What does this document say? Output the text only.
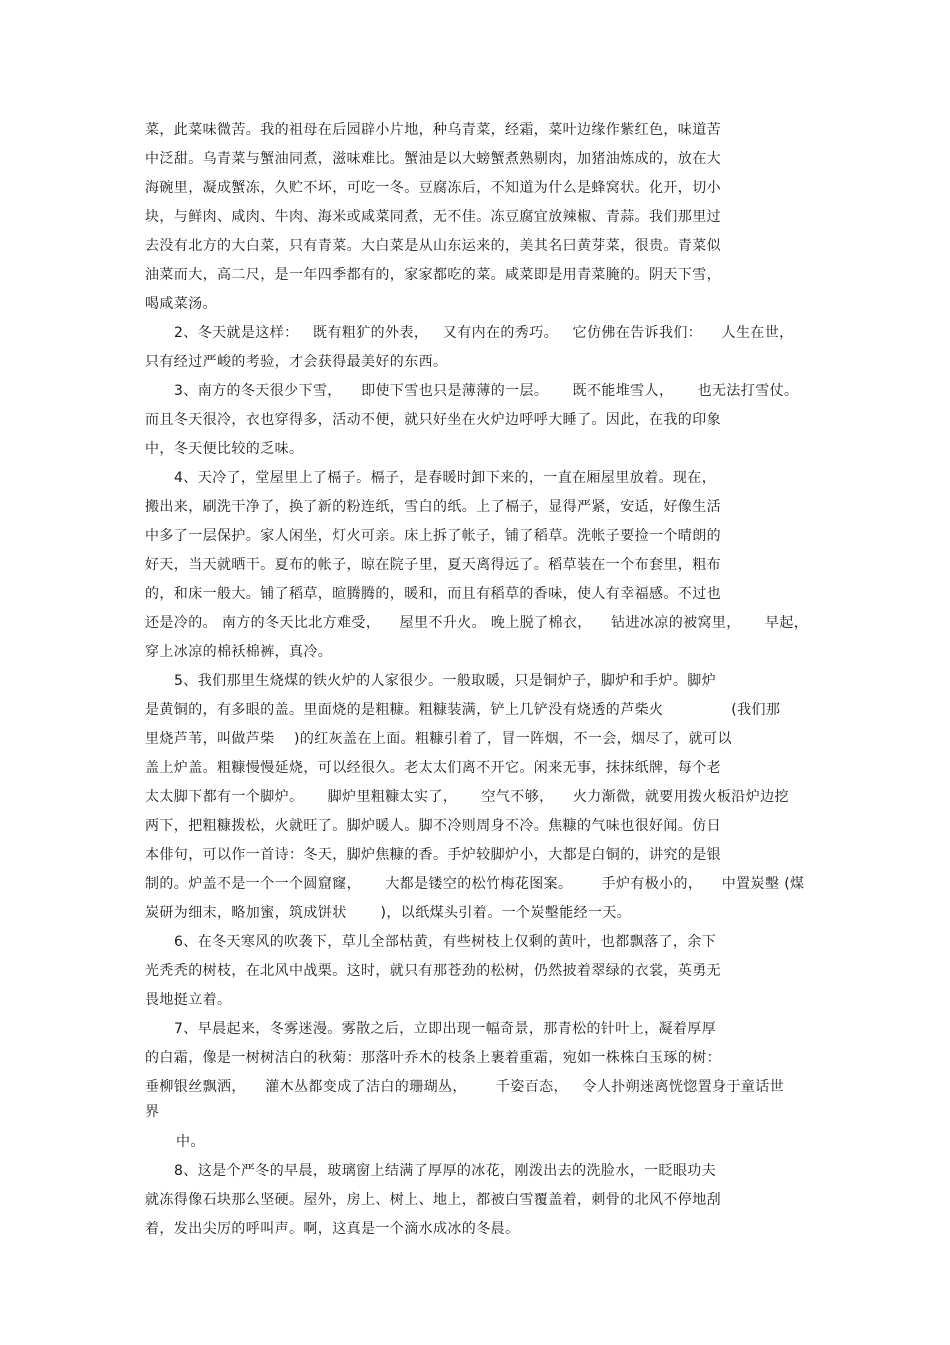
菜，此菜味微苦。我的祖母在后园辟小片地，种乌青菜，经霜，菜叶边缘作紫红色，味道苦
中泛甜。乌青菜与蟹油同煮，滋味难比。蟹油是以大螃蟹煮熟剔肉，加猪油炼成的，放在大
海碗里，凝成蟹冻，久贮不坏，可吃一冬。豆腐冻后，不知道为什么是蜂窝状。化开，切小
块，与鲜肉、咸肉、牛肉、海米或咸菜同煮，无不佳。冻豆腐宜放辣椒、青蒜。我们那里过
去没有北方的大白菜，只有青菜。大白菜是从山东运来的，美其名曰黄芽菜，很贵。青菜似
油菜而大，高二尺，是一年四季都有的，家家都吃的菜。咸菜即是用青菜腌的。阴天下雪，
喝咸菜汤。
2、冬天就是这样：   既有粗犷的外表，   又有内在的秀巧。   它仿佛在告诉我们：    人生在世，
只有经过严峻的考验，才会获得最美好的东西。
3、南方的冬天很少下雪，    即使下雪也只是薄薄的一层。     既不能堆雪人，     也无法打雪仗。
而且冬天很冷，衣也穿得多，活动不便，就只好坐在火炉边呼呼大睡了。因此，在我的印象
中，冬天便比较的乏味。
4、天冷了，堂屋里上了槅子。槅子，是春暖时卸下来的，一直在厢屋里放着。现在，
搬出来，刷洗干净了，换了新的粉连纸，雪白的纸。上了槅子，显得严紧，安适，好像生活
中多了一层保护。家人闲坐，灯火可亲。床上拆了帐子，铺了稻草。洗帐子要捡一个晴朗的
好天，当天就晒干。夏布的帐子，晾在院子里，夏天离得远了。稻草装在一个布套里，粗布
的，和床一般大。铺了稻草，暄腾腾的，暖和，而且有稻草的香味，使人有幸福感。不过也
还是冷的。 南方的冬天比北方难受，    屋里不升火。 晚上脱了棉衣，    钻进冰凉的被窝里，     早起，
穿上冰凉的棉袄棉裤，真冷。
5、我们那里生烧煤的铁火炉的人家很少。一般取暖，只是铜炉子，脚炉和手炉。脚炉
是黄铜的，有多眼的盖。里面烧的是粗糠。粗糠装满，铲上几铲没有烧透的芦柴火              (我们那
里烧芦苇，叫做芦柴    )的红灰盖在上面。粗糠引着了，冒一阵烟，不一会，烟尽了，就可以
盖上炉盖。粗糠慢慢延烧，可以经很久。老太太们离不开它。闲来无事，抹抹纸牌，每个老
太太脚下都有一个脚炉。     脚炉里粗糠太实了，     空气不够，    火力渐微，就要用拨火板沿炉边挖
两下，把粗糠拨松，火就旺了。脚炉暖人。脚不冷则周身不冷。焦糠的气味也很好闻。仿日
本俳句，可以作一首诗：冬天，脚炉焦糠的香。手炉较脚炉小，大都是白铜的，讲究的是银
制的。炉盖不是一个一个圆窟窿，     大都是镂空的松竹梅花图案。      手炉有极小的，    中置炭墼 (煤
炭研为细末，略加蜜，筑成饼状       )，以纸煤头引着。一个炭墼能经一天。
6、在冬天寒风的吹袭下，草儿全部枯黄，有些树枝上仅剩的黄叶，也都飘落了，余下
光秃秃的树枝，在北风中战栗。这时，就只有那苍劲的松树，仍然披着翠绿的衣裳，英勇无
畏地挺立着。
7、早晨起来，冬雾迷漫。雾散之后，立即出现一幅奇景，那青松的针叶上，凝着厚厚
的白霜，像是一树树洁白的秋菊：那落叶乔木的枝条上裹着重霜，宛如一株株白玉琢的树：
垂柳银丝飘洒，    灌木丛都变成了洁白的珊瑚丛，      千姿百态，   令人扑朔迷离恍惚置身于童话世
界
中。
8、这是个严冬的早晨，玻璃窗上结满了厚厚的冰花，刚泼出去的洗脸水，一眨眼功夫
就冻得像石块那么坚硬。屋外，房上、树上、地上，都被白雪覆盖着，刺骨的北风不停地刮
着，发出尖厉的呼叫声。啊，这真是一个滴水成冰的冬晨。
